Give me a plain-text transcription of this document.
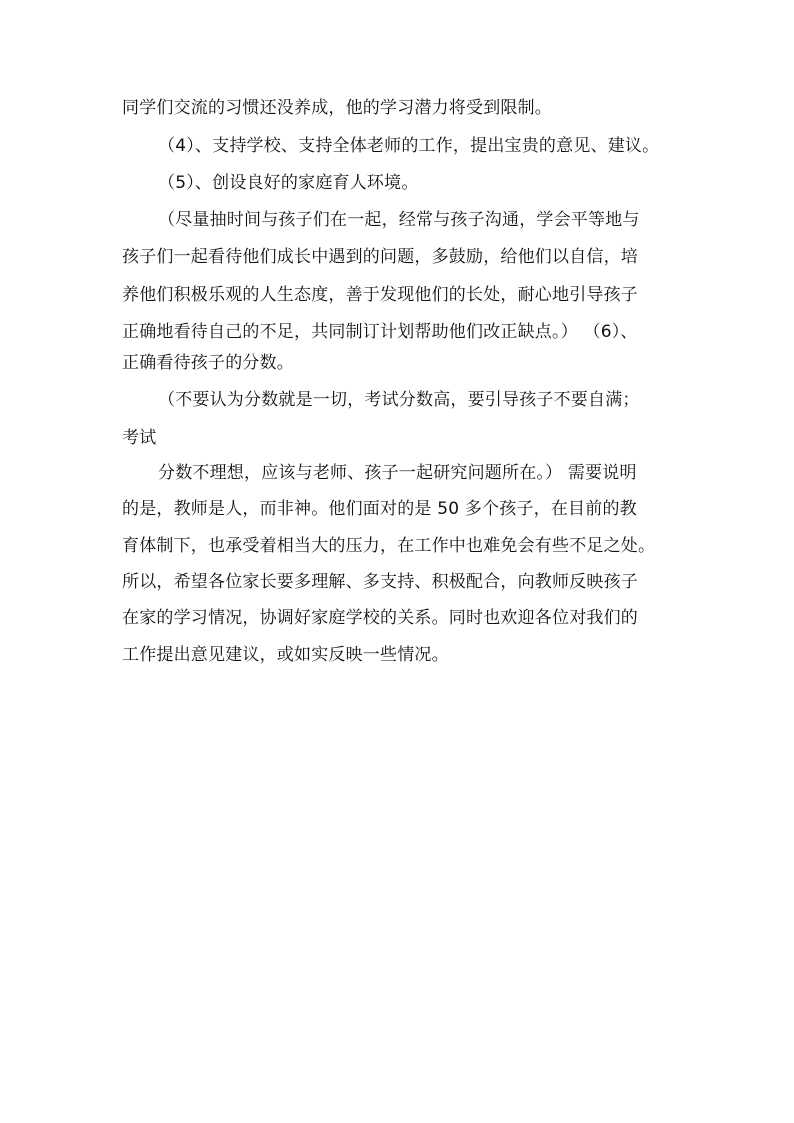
同学们交流的习惯还没养成，他的学习潜力将受到限制。
（4）、支持学校、支持全体老师的工作，提出宝贵的意见、建议。
（5）、创设良好的家庭育人环境。
（尽量抽时间与孩子们在一起，经常与孩子沟通，学会平等地与
孩子们一起看待他们成长中遇到的问题，多鼓励，给他们以自信，培
养他们积极乐观的人生态度，善于发现他们的长处，耐心地引导孩子
正确地看待自己的不足，共同制订计划帮助他们改正缺点。） （6）、
正确看待孩子的分数。
（不要认为分数就是一切，考试分数高，要引导孩子不要自满；
考试
分数不理想，应该与老师、孩子一起研究问题所在。） 需要说明
的是，教师是人，而非神。他们面对的是 50 多个孩子，在目前的教
育体制下，也承受着相当大的压力，在工作中也难免会有些不足之处。
所以，希望各位家长要多理解、多支持、积极配合，向教师反映孩子
在家的学习情况，协调好家庭学校的关系。同时也欢迎各位对我们的
工作提出意见建议，或如实反映一些情况。
